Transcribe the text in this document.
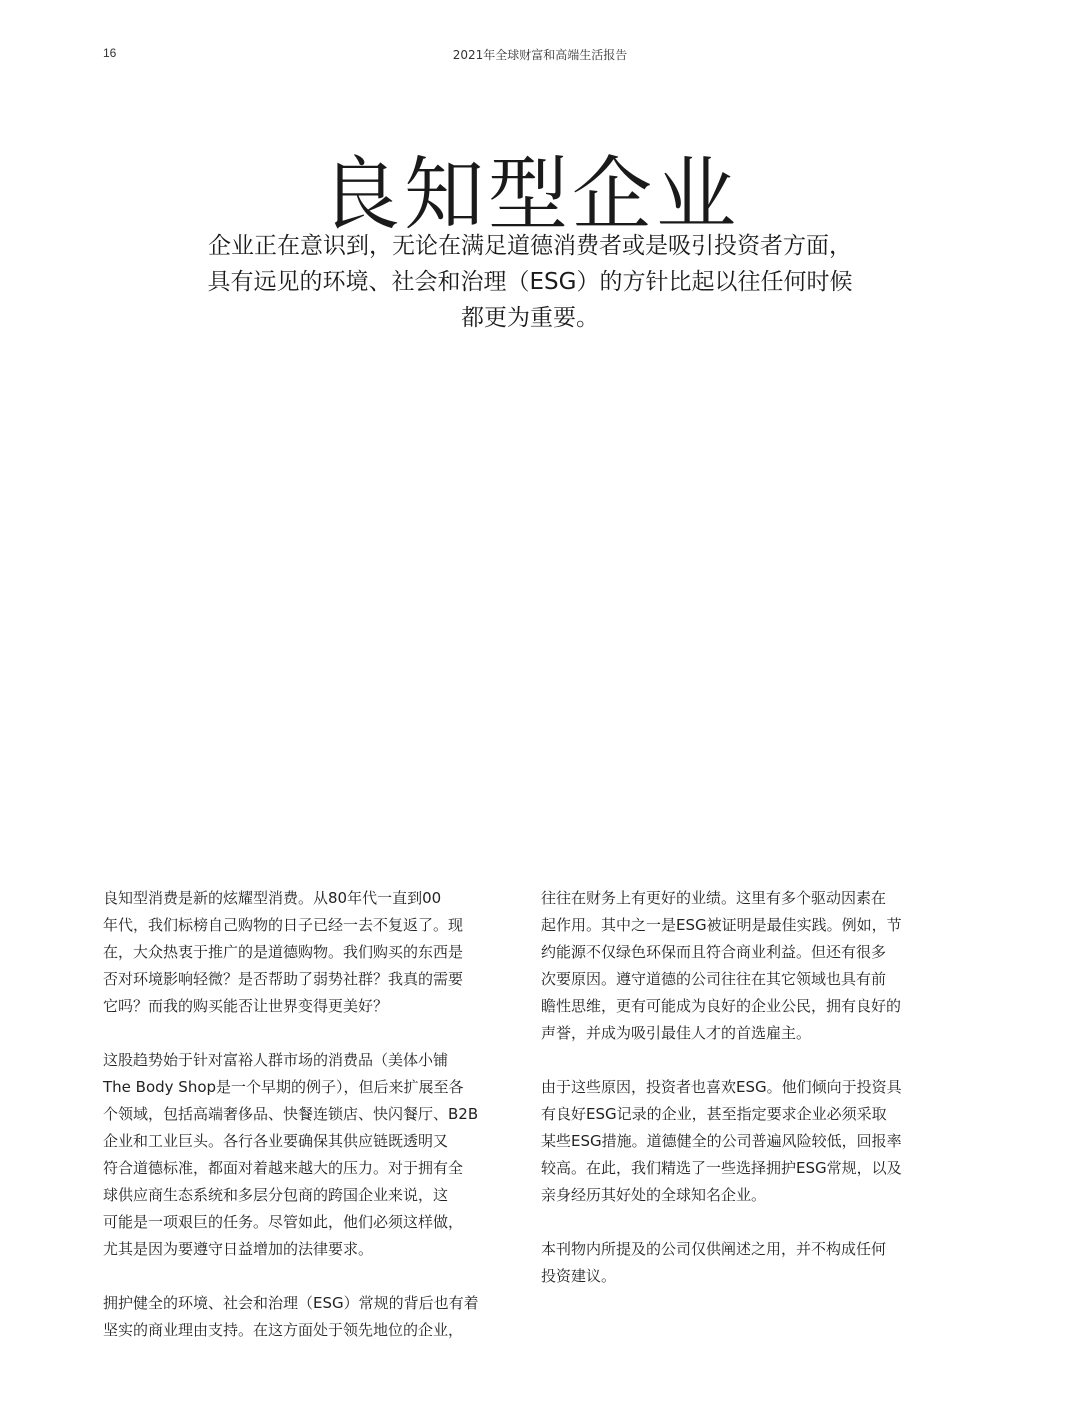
16	2021年全球财富和高端生活报告
良知型企业
企业正在意识到，无论在满足道德消费者或是吸引投资者方面，
具有远见的环境、社会和治理（ESG）的方针比起以往任何时候
都更为重要。

良知型消费是新的炫耀型消费。从80年代一直到00
年代，我们标榜自己购物的日子已经一去不复返了。现
在，大众热衷于推广的是道德购物。我们购买的东西是
否对环境影响轻微？是否帮助了弱势社群？我真的需要
它吗？而我的购买能否让世界变得更美好？

这股趋势始于针对富裕人群市场的消费品（美体小铺
The Body Shop是一个早期的例子），但后来扩展至各
个领域，包括高端奢侈品、快餐连锁店、快闪餐厅、B2B
企业和工业巨头。各行各业要确保其供应链既透明又
符合道德标准，都面对着越来越大的压力。对于拥有全
球供应商生态系统和多层分包商的跨国企业来说，这
可能是一项艰巨的任务。尽管如此，他们必须这样做，
尤其是因为要遵守日益增加的法律要求。

拥护健全的环境、社会和治理（ESG）常规的背后也有着
坚实的商业理由支持。在这方面处于领先地位的企业，

往往在财务上有更好的业绩。这里有多个驱动因素在
起作用。其中之一是ESG被证明是最佳实践。例如，节
约能源不仅绿色环保而且符合商业利益。但还有很多
次要原因。遵守道德的公司往往在其它领域也具有前
瞻性思维，更有可能成为良好的企业公民，拥有良好的
声誉，并成为吸引最佳人才的首选雇主。

由于这些原因，投资者也喜欢ESG。他们倾向于投资具
有良好ESG记录的企业，甚至指定要求企业必须采取
某些ESG措施。道德健全的公司普遍风险较低，回报率
较高。在此，我们精选了一些选择拥护ESG常规，以及
亲身经历其好处的全球知名企业。

本刊物内所提及的公司仅供阐述之用，并不构成任何
投资建议。
